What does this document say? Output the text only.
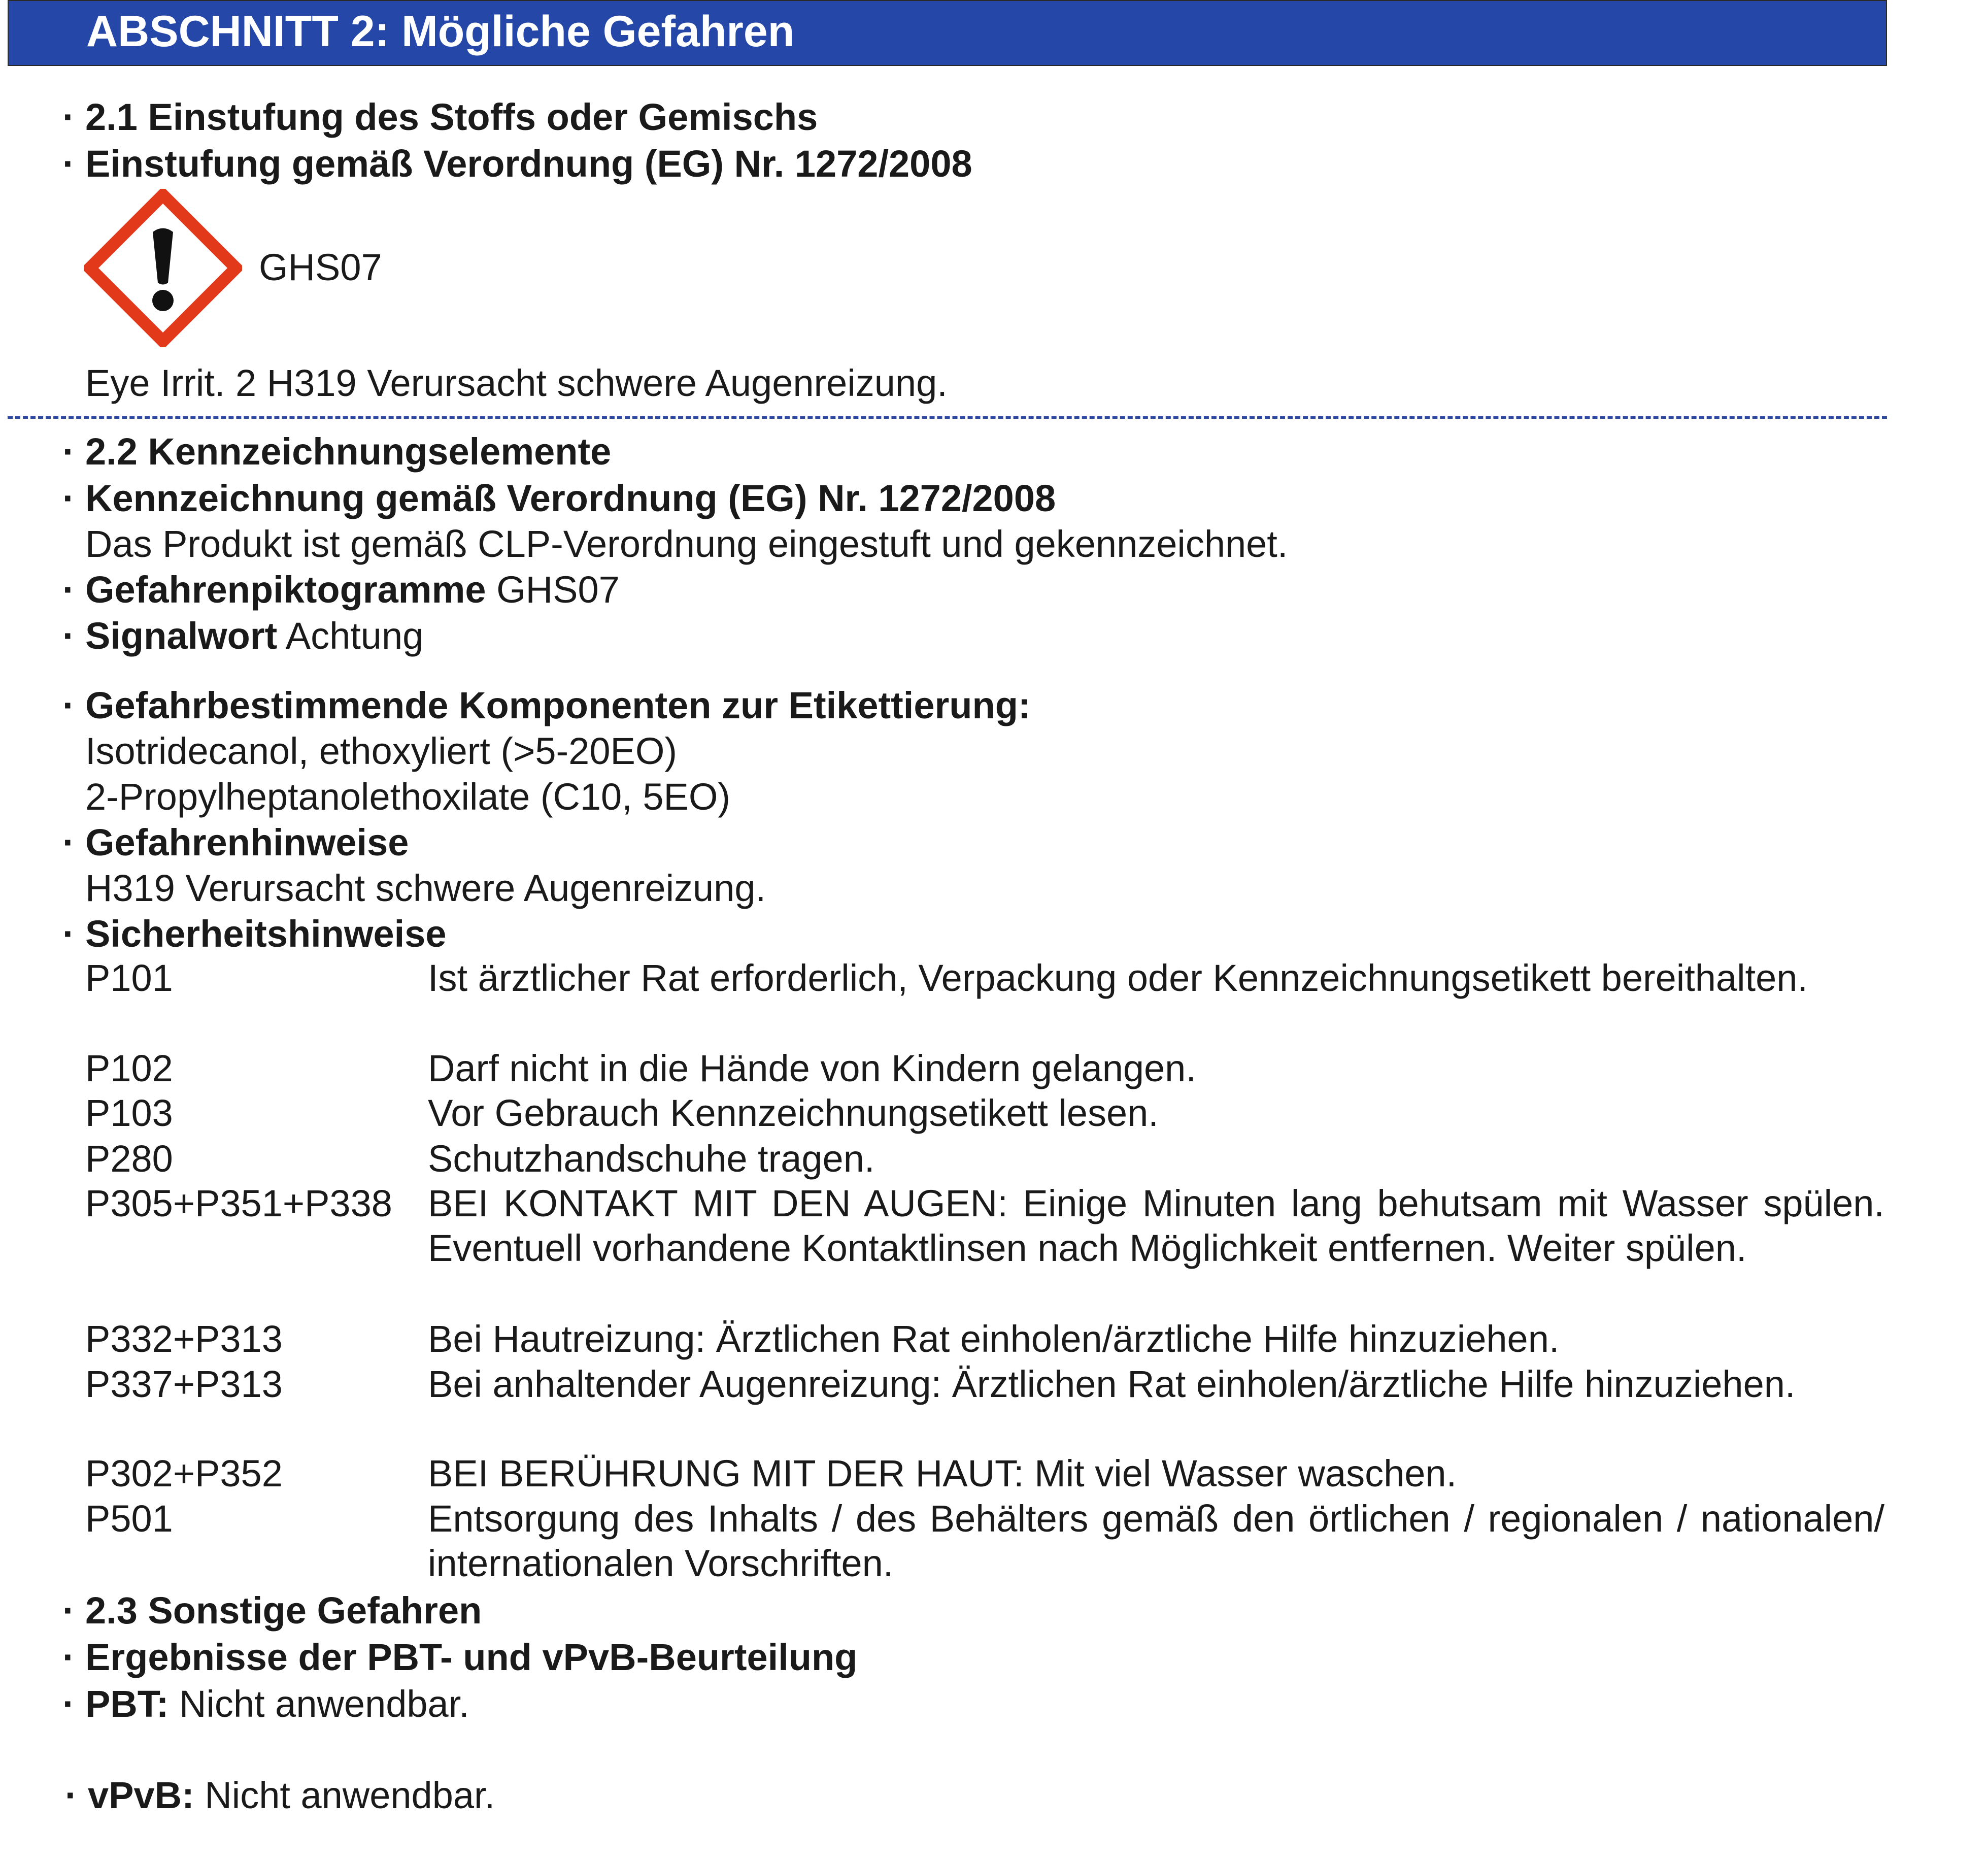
ABSCHNITT 2: Mögliche Gefahren
· 2.1 Einstufung des Stoffs oder Gemischs
· Einstufung gemäß Verordnung (EG) Nr. 1272/2008
GHS07
Eye Irrit. 2 H319 Verursacht schwere Augenreizung.
· 2.2 Kennzeichnungselemente
· Kennzeichnung gemäß Verordnung (EG) Nr. 1272/2008
Das Produkt ist gemäß CLP-Verordnung eingestuft und gekennzeichnet.
· Gefahrenpiktogramme GHS07
· Signalwort Achtung
· Gefahrbestimmende Komponenten zur Etikettierung:
Isotridecanol, ethoxyliert (>5-20EO)
2-Propylheptanolethoxilate (C10, 5EO)
· Gefahrenhinweise
H319 Verursacht schwere Augenreizung.
· Sicherheitshinweise
P101	Ist ärztlicher Rat erforderlich, Verpackung oder Kennzeichnungsetikett bereithalten.
P102	Darf nicht in die Hände von Kindern gelangen.
P103	Vor Gebrauch Kennzeichnungsetikett lesen.
P280	Schutzhandschuhe tragen.
P305+P351+P338 BEI KONTAKT MIT DEN AUGEN: Einige Minuten lang behutsam mit Wasser spülen. Eventuell vorhandene Kontaktlinsen nach Möglichkeit entfernen. Weiter spülen.
P332+P313	Bei Hautreizung: Ärztlichen Rat einholen/ärztliche Hilfe hinzuziehen.
P337+P313	Bei anhaltender Augenreizung: Ärztlichen Rat einholen/ärztliche Hilfe hinzuziehen.
P302+P352	BEI BERÜHRUNG MIT DER HAUT: Mit viel Wasser waschen.
P501	Entsorgung des Inhalts / des Behälters gemäß den örtlichen / regionalen / nationalen/ internationalen Vorschriften.
· 2.3 Sonstige Gefahren
· Ergebnisse der PBT- und vPvB-Beurteilung
· PBT: Nicht anwendbar.
· vPvB: Nicht anwendbar.
